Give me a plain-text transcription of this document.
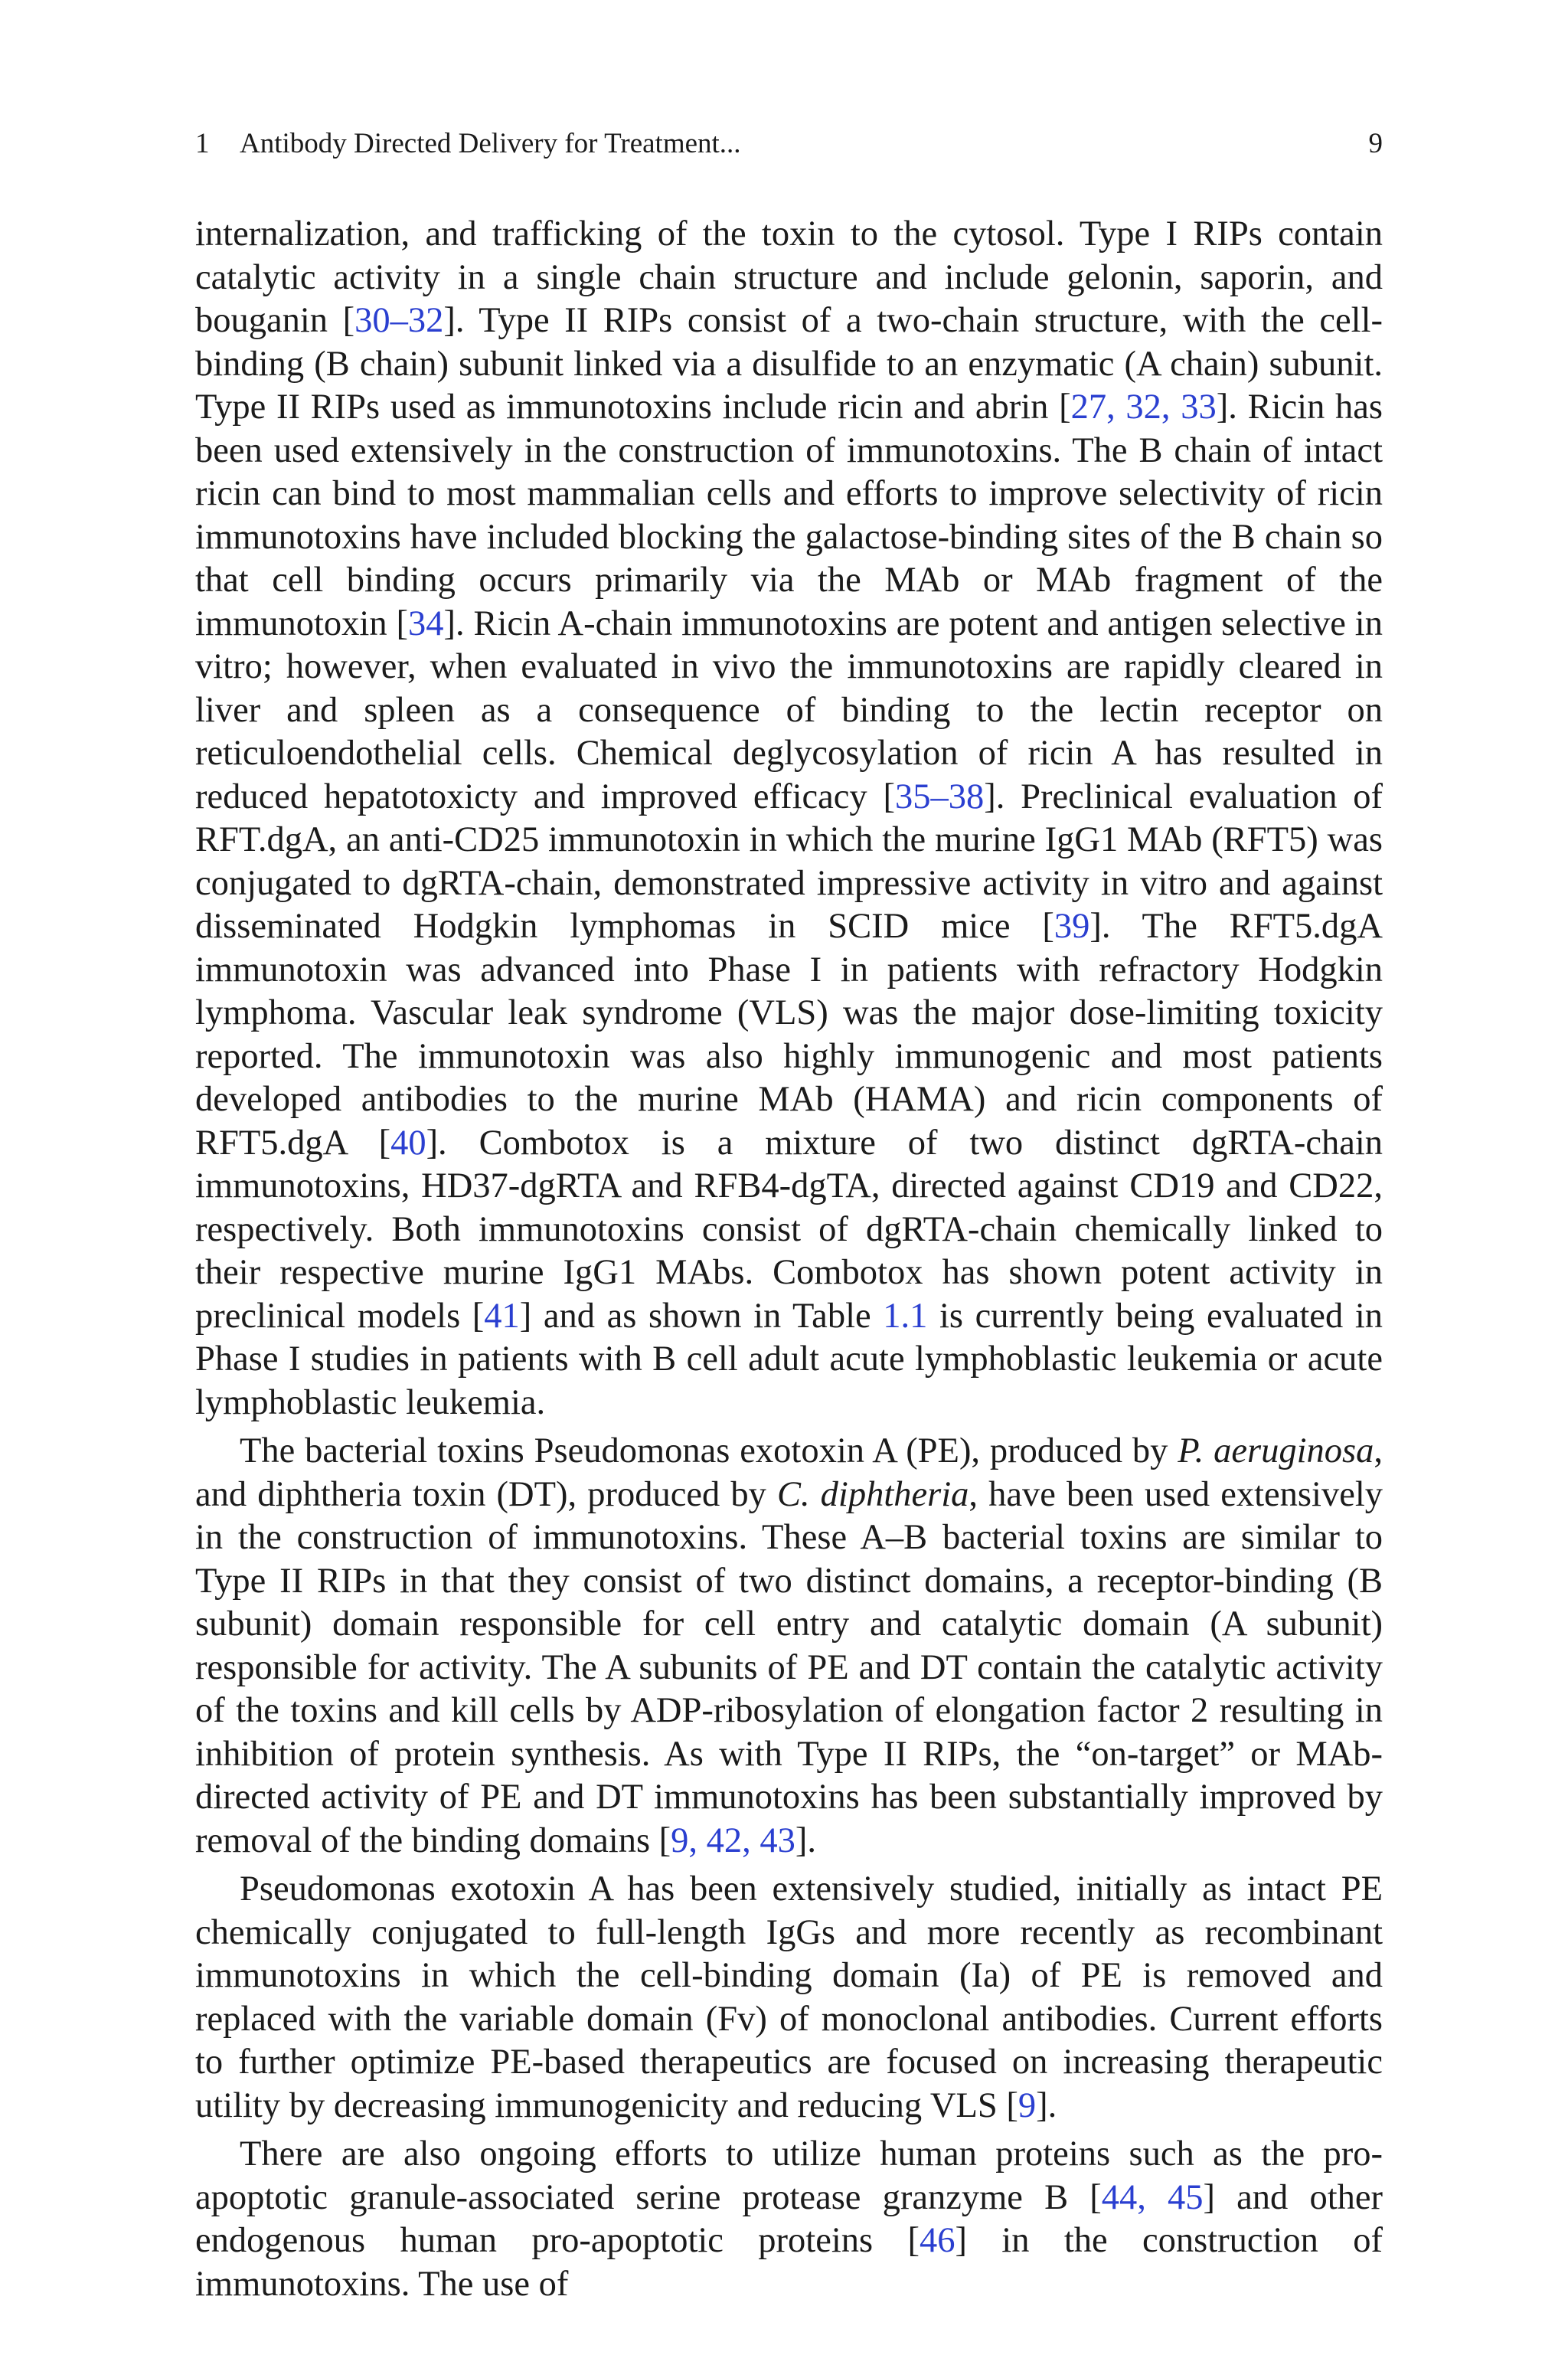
1 Antibody Directed Delivery for Treatment...	9

internalization, and trafficking of the toxin to the cytosol. Type I RIPs contain catalytic activity in a single chain structure and include gelonin, saporin, and bouganin [30–32]. Type II RIPs consist of a two-chain structure, with the cell-binding (B chain) subunit linked via a disulfide to an enzymatic (A chain) subunit. Type II RIPs used as immunotoxins include ricin and abrin [27, 32, 33]. Ricin has been used extensively in the construction of immunotoxins. The B chain of intact ricin can bind to most mammalian cells and efforts to improve selectivity of ricin immunotoxins have included blocking the galactose-binding sites of the B chain so that cell binding occurs primarily via the MAb or MAb fragment of the immunotoxin [34]. Ricin A-chain immunotoxins are potent and antigen selective in vitro; however, when evaluated in vivo the immunotoxins are rapidly cleared in liver and spleen as a consequence of binding to the lectin receptor on reticuloendothelial cells. Chemical deglycosylation of ricin A has resulted in reduced hepatotoxicty and improved efficacy [35–38]. Preclinical evaluation of RFT.dgA, an anti-CD25 immunotoxin in which the murine IgG1 MAb (RFT5) was conjugated to dgRTA-chain, demonstrated impressive activity in vitro and against disseminated Hodgkin lymphomas in SCID mice [39]. The RFT5.dgA immunotoxin was advanced into Phase I in patients with refractory Hodgkin lymphoma. Vascular leak syndrome (VLS) was the major dose-limiting toxicity reported. The immunotoxin was also highly immunogenic and most patients developed antibodies to the murine MAb (HAMA) and ricin components of RFT5.dgA [40]. Combotox is a mixture of two distinct dgRTA-chain immunotoxins, HD37-dgRTA and RFB4-dgTA, directed against CD19 and CD22, respectively. Both immunotoxins consist of dgRTA-chain chemically linked to their respective murine IgG1 MAbs. Combotox has shown potent activity in preclinical models [41] and as shown in Table 1.1 is currently being evaluated in Phase I studies in patients with B cell adult acute lymphoblastic leukemia or acute lymphoblastic leukemia.

The bacterial toxins Pseudomonas exotoxin A (PE), produced by P. aeruginosa, and diphtheria toxin (DT), produced by C. diphtheria, have been used extensively in the construction of immunotoxins. These A–B bacterial toxins are similar to Type II RIPs in that they consist of two distinct domains, a receptor-binding (B subunit) domain responsible for cell entry and catalytic domain (A subunit) responsible for activity. The A subunits of PE and DT contain the catalytic activity of the toxins and kill cells by ADP-ribosylation of elongation factor 2 resulting in inhibition of protein synthesis. As with Type II RIPs, the “on-target” or MAb-directed activity of PE and DT immunotoxins has been substantially improved by removal of the binding domains [9, 42, 43].

Pseudomonas exotoxin A has been extensively studied, initially as intact PE chemically conjugated to full-length IgGs and more recently as recombinant immunotoxins in which the cell-binding domain (Ia) of PE is removed and replaced with the variable domain (Fv) of monoclonal antibodies. Current efforts to further optimize PE-based therapeutics are focused on increasing therapeutic utility by decreasing immunogenicity and reducing VLS [9].

There are also ongoing efforts to utilize human proteins such as the pro-apoptotic granule-associated serine protease granzyme B [44, 45] and other endogenous human pro-apoptotic proteins [46] in the construction of immunotoxins. The use of
